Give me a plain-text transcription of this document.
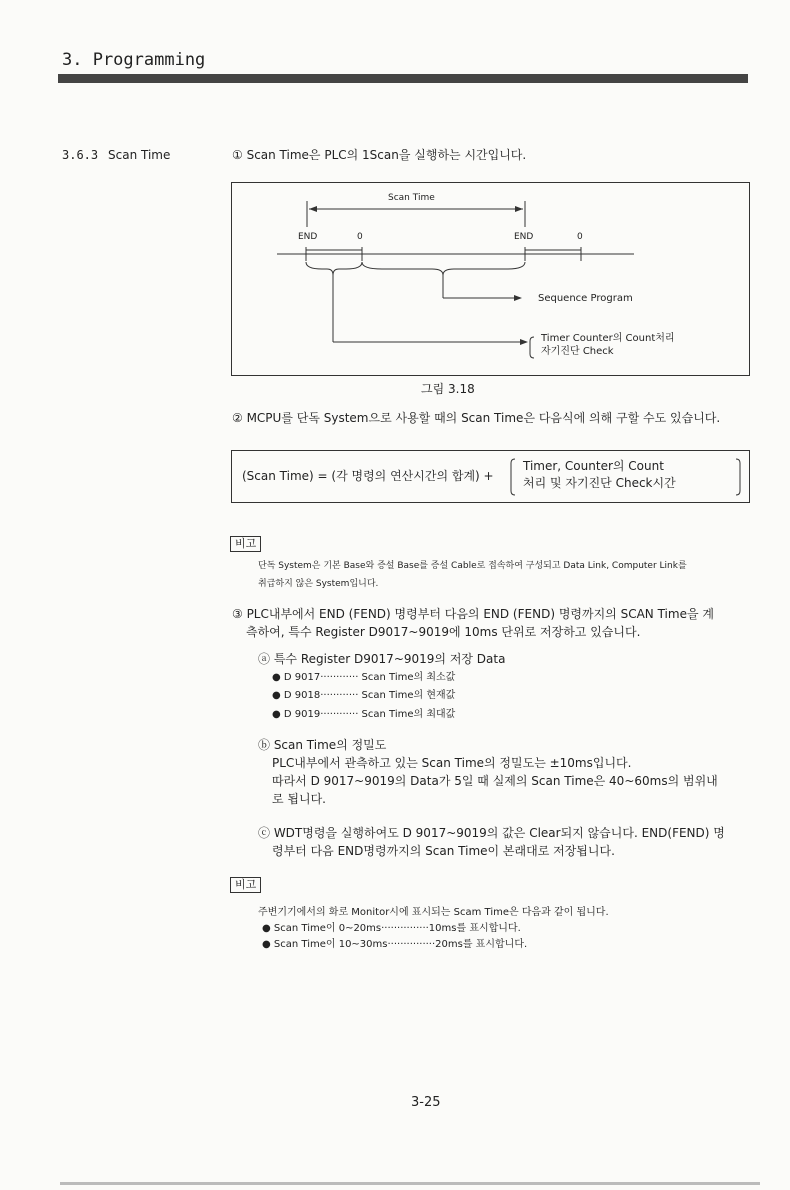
3. Programming
3.6.3 Scan Time	① Scan Time은 PLC의 1Scan을 실행하는 시간입니다.
Scan Time
END	0	END	0
Sequence Program
Timer Counter의 Count처리
자기진단 Check
그림 3.18
② MCPU를 단독 System으로 사용할 때의 Scan Time은 다음식에 의해 구할 수도 있습니다.
(Scan Time) = (각 명령의 연산시간의 합계) +
Timer, Counter의 Count
처리 및 자기진단 Check시간
비고
단독 System은 기본 Base와 증설 Base를 증설 Cable로 접속하여 구성되고 Data Link, Computer Link를
취급하지 않은 System입니다.
③ PLC내부에서 END (FEND) 명령부터 다음의 END (FEND) 명령까지의 SCAN Time을 계
측하여, 특수 Register D9017~9019에 10ms 단위로 저장하고 있습니다.
ⓐ 특수 Register D9017~9019의 저장 Data
● D 9017············ Scan Time의 최소값
● D 9018············ Scan Time의 현재값
● D 9019············ Scan Time의 최대값
ⓑ Scan Time의 정밀도
PLC내부에서 관측하고 있는 Scan Time의 정밀도는 ±10ms입니다.
따라서 D 9017~9019의 Data가 5일 때 실제의 Scan Time은 40~60ms의 범위내
로 됩니다.
ⓒ WDT명령을 실행하여도 D 9017~9019의 값은 Clear되지 않습니다. END(FEND) 명
령부터 다음 END명령까지의 Scan Time이 본래대로 저장됩니다.
비고
주변기기에서의 화로 Monitor시에 표시되는 Scam Time은 다음과 같이 됩니다.
● Scan Time이 0~20ms···············10ms를 표시합니다.
● Scan Time이 10~30ms···············20ms를 표시합니다.
3-25
